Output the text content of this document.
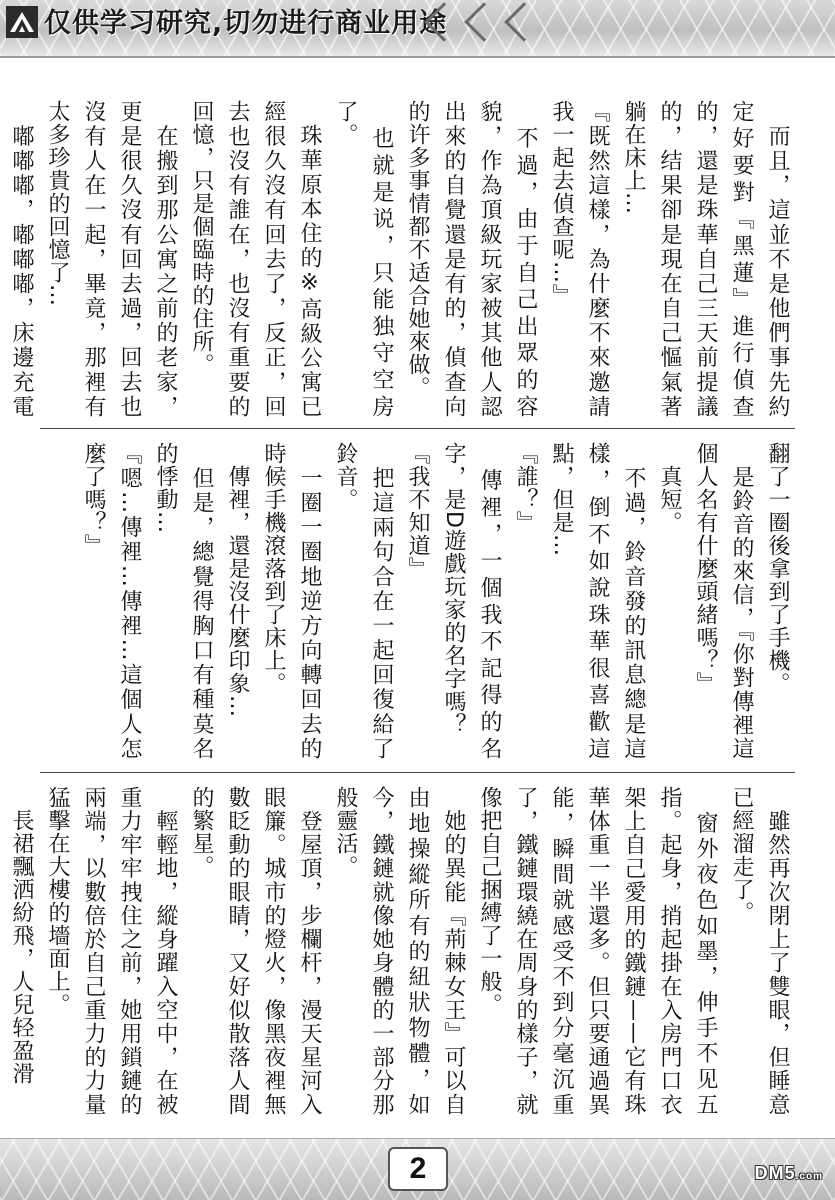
仅供学习研究,切勿进行商业用途
　而且，這並不是他們事先約定好要對『黑蓮』進行偵查的，還是珠華自己三天前提議的，结果卻是現在自己慪氣著躺在床上…
『既然這樣，為什麼不來邀請我一起去偵查呢…』
　不過，由于自己出眾的容貌，作為頂級玩家被其他人認出來的自覺還是有的，偵查向的许多事情都不适合她來做。
　也就是说，只能独守空房了。
　珠華原本住的※高級公寓已經很久沒有回去了，反正，回去也沒有誰在，也沒有重要的回憶，只是個臨時的住所。
　在搬到那公寓之前的老家，更是很久沒有回去過，回去也沒有人在一起，畢竟，那裡有太多珍貴的回憶了…
　嘟嘟嘟，嘟嘟嘟，床邊充電
翻了一圈後拿到了手機。
　是鈴音的來信，『你對傳裡這個人名有什麼頭緒嗎？』
　真短。
　不過，鈴音發的訊息總是這樣，倒不如說珠華很喜歡這點，但是…
『誰？』
　傳裡，一個我不記得的名字，是D遊戲玩家的名字嗎？
『我不知道』
　把這兩句合在一起回復給了鈴音。
　一圈一圈地逆方向轉回去的時候手機滾落到了床上。
　傳裡，還是沒什麼印象…
　但是，總覺得胸口有種莫名的悸動…
『嗯…傳裡…傳裡…這個人怎麼了嗎？』
　雖然再次閉上了雙眼，但睡意已經溜走了。
　窗外夜色如墨，伸手不见五指。起身，捎起掛在入房門口衣架上自己愛用的鐵鏈——它有珠華体重一半還多。但只要通過異能，瞬間就感受不到分毫沉重了，鐵鏈環繞在周身的樣子，就像把自己捆縛了一般。
　她的異能『荊棘女王』可以自由地操縱所有的紐狀物體，如今，鐵鏈就像她身體的一部分那般靈活。
　登屋頂，步欄杆，漫天星河入眼簾。城市的燈火，像黑夜裡無數眨動的眼睛，又好似散落人間的繁星。
　輕輕地，縱身躍入空中，在被重力牢牢拽住之前，她用鎖鏈的兩端，以數倍於自己重力的力量猛擊在大樓的墻面上。
　長裙飄洒紛飛，人兒轻盈滑
2	DM5.com
